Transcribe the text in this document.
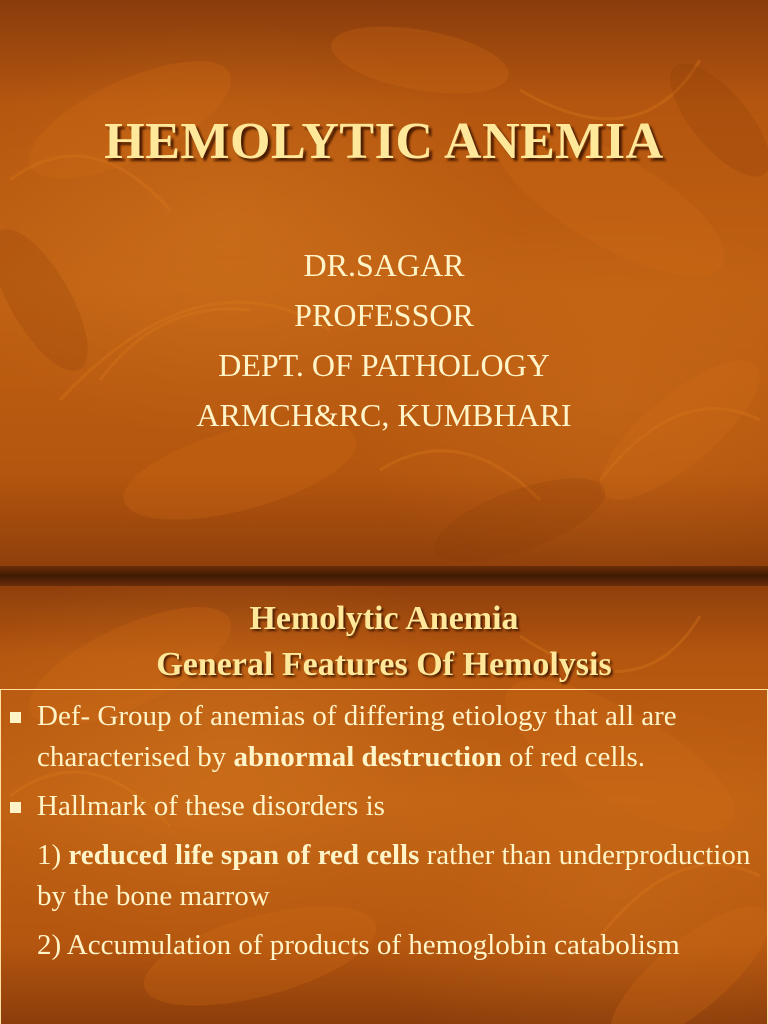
HEMOLYTIC ANEMIA
DR.SAGAR
PROFESSOR
DEPT. OF PATHOLOGY
ARMCH&RC, KUMBHARI
Hemolytic Anemia
General Features Of Hemolysis
Def- Group of anemias of differing etiology that all are characterised by abnormal destruction of red cells.
Hallmark of these disorders is
1) reduced life span of red cells rather than underproduction by the bone marrow
2) Accumulation of products of hemoglobin catabolism
